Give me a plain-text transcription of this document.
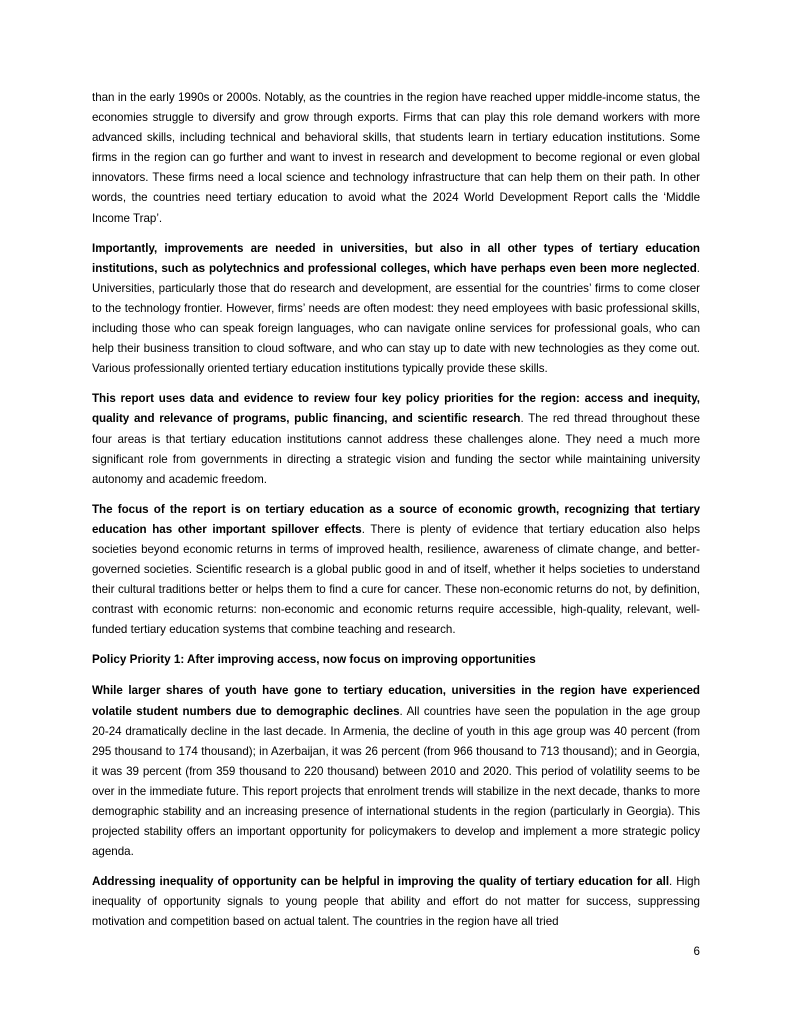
than in the early 1990s or 2000s. Notably, as the countries in the region have reached upper middle-income status, the economies struggle to diversify and grow through exports. Firms that can play this role demand workers with more advanced skills, including technical and behavioral skills, that students learn in tertiary education institutions. Some firms in the region can go further and want to invest in research and development to become regional or even global innovators. These firms need a local science and technology infrastructure that can help them on their path. In other words, the countries need tertiary education to avoid what the 2024 World Development Report calls the ‘Middle Income Trap’.

Importantly, improvements are needed in universities, but also in all other types of tertiary education institutions, such as polytechnics and professional colleges, which have perhaps even been more neglected. Universities, particularly those that do research and development, are essential for the countries’ firms to come closer to the technology frontier. However, firms’ needs are often modest: they need employees with basic professional skills, including those who can speak foreign languages, who can navigate online services for professional goals, who can help their business transition to cloud software, and who can stay up to date with new technologies as they come out. Various professionally oriented tertiary education institutions typically provide these skills.

This report uses data and evidence to review four key policy priorities for the region: access and inequity, quality and relevance of programs, public financing, and scientific research. The red thread throughout these four areas is that tertiary education institutions cannot address these challenges alone. They need a much more significant role from governments in directing a strategic vision and funding the sector while maintaining university autonomy and academic freedom.

The focus of the report is on tertiary education as a source of economic growth, recognizing that tertiary education has other important spillover effects. There is plenty of evidence that tertiary education also helps societies beyond economic returns in terms of improved health, resilience, awareness of climate change, and better-governed societies. Scientific research is a global public good in and of itself, whether it helps societies to understand their cultural traditions better or helps them to find a cure for cancer. These non-economic returns do not, by definition, contrast with economic returns: non-economic and economic returns require accessible, high-quality, relevant, well-funded tertiary education systems that combine teaching and research.

Policy Priority 1: After improving access, now focus on improving opportunities

While larger shares of youth have gone to tertiary education, universities in the region have experienced volatile student numbers due to demographic declines. All countries have seen the population in the age group 20-24 dramatically decline in the last decade. In Armenia, the decline of youth in this age group was 40 percent (from 295 thousand to 174 thousand); in Azerbaijan, it was 26 percent (from 966 thousand to 713 thousand); and in Georgia, it was 39 percent (from 359 thousand to 220 thousand) between 2010 and 2020. This period of volatility seems to be over in the immediate future. This report projects that enrolment trends will stabilize in the next decade, thanks to more demographic stability and an increasing presence of international students in the region (particularly in Georgia). This projected stability offers an important opportunity for policymakers to develop and implement a more strategic policy agenda.

Addressing inequality of opportunity can be helpful in improving the quality of tertiary education for all. High inequality of opportunity signals to young people that ability and effort do not matter for success, suppressing motivation and competition based on actual talent. The countries in the region have all tried

6
